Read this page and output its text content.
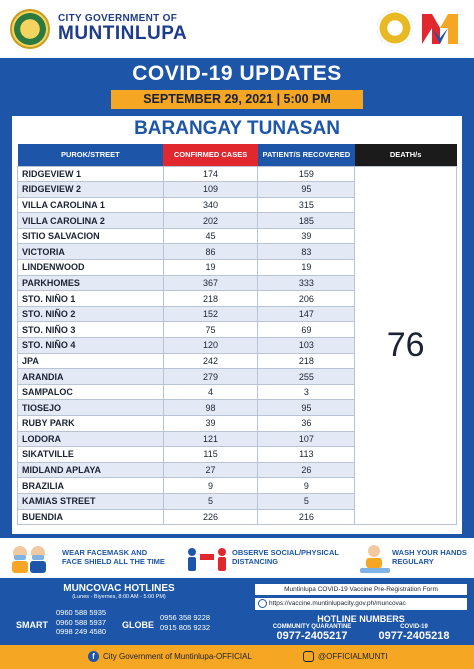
CITY GOVERNMENT OF
MUNTINLUPA
COVID-19 UPDATES
SEPTEMBER 29, 2021 | 5:00 PM
BARANGAY TUNASAN
PUROK/STREET	CONFIRMED CASES	PATIENT/S RECOVERED	DEATH/s
RIDGEVIEW 1	174	159	76
RIDGEVIEW 2	109	95	
VILLA CAROLINA 1	340	315	
VILLA CAROLINA 2	202	185	
SITIO SALVACION	45	39	
VICTORIA	86	83	
LINDENWOOD	19	19	
PARKHOMES	367	333	
STO. NIÑO 1	218	206	
STO. NIÑO 2	152	147	
STO. NIÑO 3	75	69	
STO. NIÑO 4	120	103	
JPA	242	218	
ARANDIA	279	255	
SAMPALOC	4	3	
TIOSEJO	98	95	
RUBY PARK	39	36	
LODORA	121	107	
SIKATVILLE	115	113	
MIDLAND APLAYA	27	26	
BRAZILIA	9	9	
KAMIAS STREET	5	5	
BUENDIA	226	216	
WEAR FACEMASK AND
FACE SHIELD ALL THE TIME
OBSERVE SOCIAL/PHYSICAL
DISTANCING
WASH YOUR HANDS
REGULARY
MUNCOVAC HOTLINES
(Lunes - Biyernes, 8:00 AM - 5:00 PM)
SMART
0960 588 5935
0960 588 5937
0998 249 4580
GLOBE
0956 358 9228
0915 805 9232
Muntinlupa COVID-19 Vaccine Pre-Registration Form
https://vaccine.muntinlupacity.gov.ph/muncovac
HOTLINE NUMBERS
COMMUNITY QUARANTINE
0977-2405217
COVID-19
0977-2405218
f	City Government of Muntinlupa-OFFICIAL	@OFFICIALMUNTI
